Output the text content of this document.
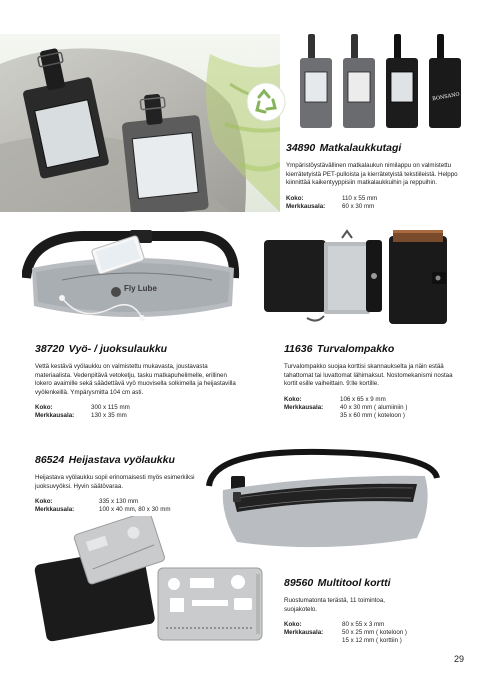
BONSANO
34890 Matkalaukkutagi
Ympäristöystävällinen matkalaukun nimilappu on valmistettu kierrätetyistä PET-pulloista ja kierrätetyistä tekstiileistä. Helppo kiinnittää kaikentyyppisiin matkalaukkuihin ja reppuihin.
Koko:	110 x 55 mm
Merkkausala:	60 x 30 mm
Fly Lube
38720 Vyö- / juoksulaukku
Vettä kestävä vyölaukku on valmistettu mukavasta, joustavasta materiaalista. Vedenpitävä vetoketju, tasku matkapuhelimelle, erillinen lokero avaimille sekä säädettävä vyö muovisella solkimella ja heijastavilla vyölenkeillä. Ympärysmitta 104 cm asti.
Koko:	300 x 115 mm
Merkkausala:	130 x 35 mm
11636 Turvalompakko
Turvalompakko suojaa korttisi skannaukselta ja näin estää tahattomat tai luvattomat lähimaksut. Nostomekanismi nostaa kortit esille vaiheittain. 9:lle kortille.
Koko:	106 x 65 x 9 mm
Merkkausala:	40 x 30 mm ( alumiiniin )
35 x 60 mm ( koteloon )
86524 Heijastava vyölaukku
Heijastava vyölaukku sopii erinomaisesti myös esimerkiksi juoksuvyöksi. Hyvin säätövaraa.
Koko:	335 x 130 mm
Merkkausala:	100 x 40 mm, 80 x 30 mm
89560 Multitool kortti
Ruostumatonta terästä, 11 toimintoa, suojakotelo.
Koko:	80 x 55 x 3 mm
Merkkausala:	50 x 25 mm ( koteloon )
15 x 12 mm ( korttiin )
29
